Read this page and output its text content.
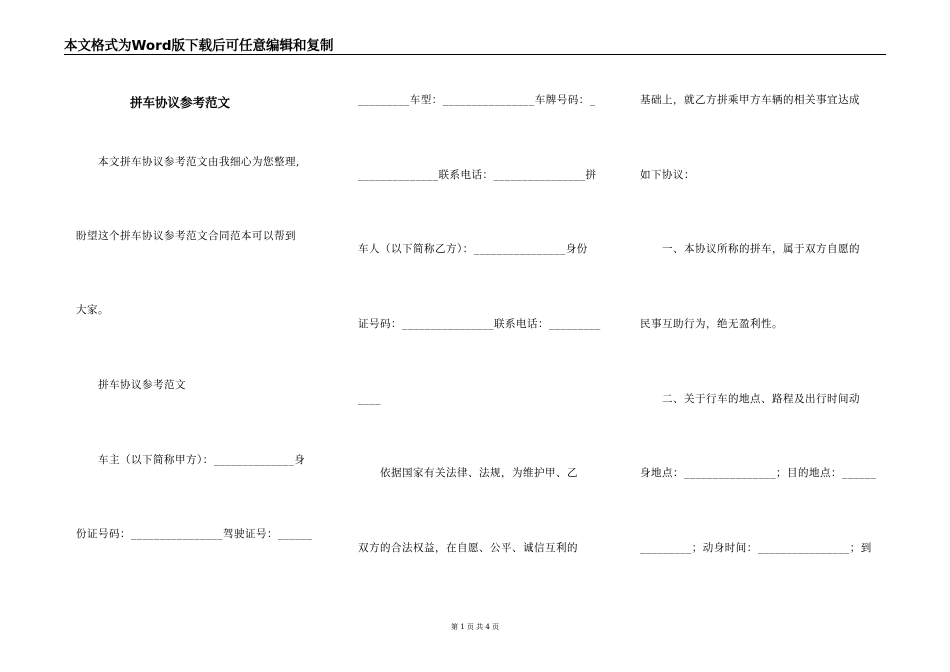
本文格式为Word版下载后可任意编辑和复制
拼车协议参考范文
　　本文拼车协议参考范文由我细心为您整理,
盼望这个拼车协议参考范文合同范本可以帮到
大家。
　　拼车协议参考范文
　　车主（以下简称甲方）：______________身
份证号码：________________驾驶证号：______
_________车型：________________车牌号码：_
______________联系电话：________________拼
车人（以下简称乙方）：________________身份
证号码：________________联系电话：_________
____
　　依据国家有关法律、法规，为维护甲、乙
双方的合法权益，在自愿、公平、诚信互利的
基础上，就乙方拼乘甲方车辆的相关事宜达成
如下协议：
　　一、本协议所称的拼车，属于双方自愿的
民事互助行为，绝无盈利性。
　　二、关于行车的地点、路程及出行时间动
身地点：________________；目的地点：______
_________；动身时间：________________；到
第 1 页 共 4 页
